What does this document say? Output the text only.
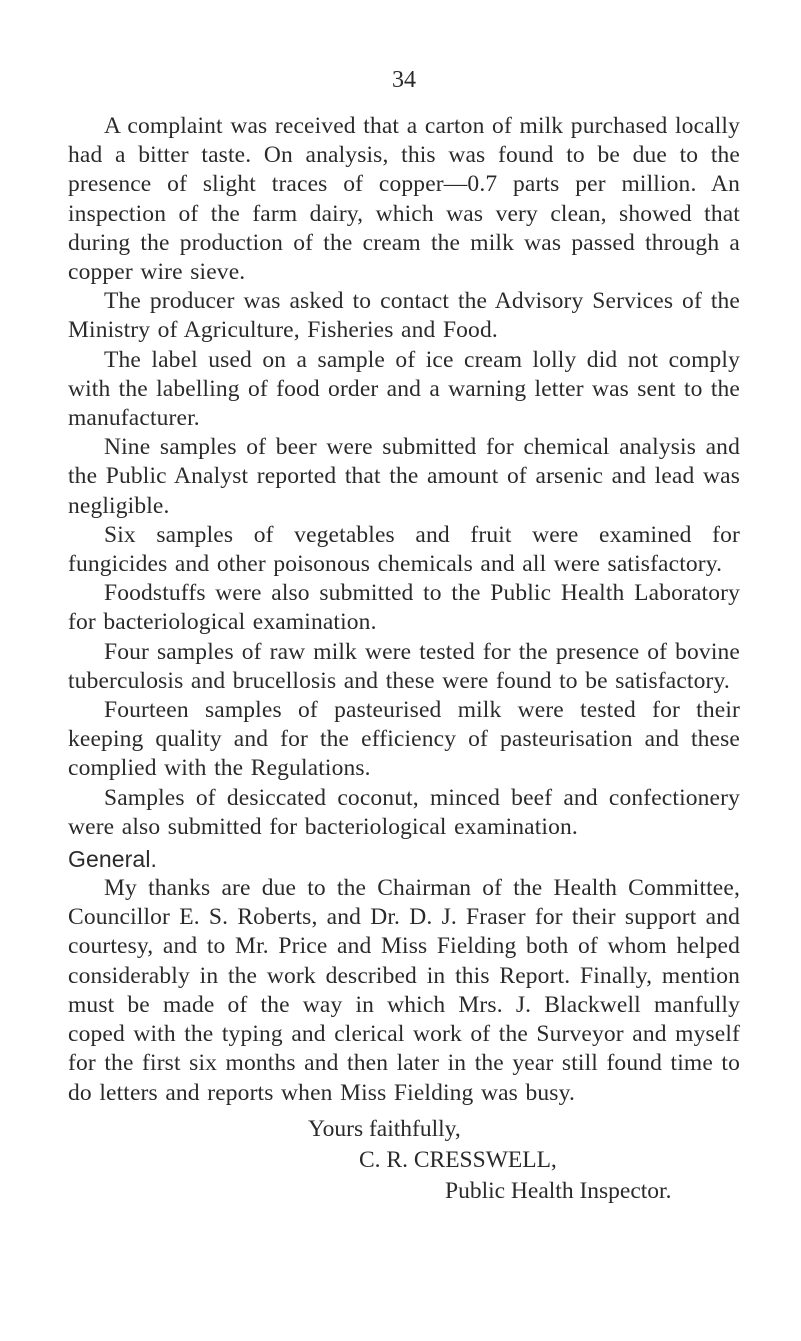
34

A complaint was received that a carton of milk purchased locally had a bitter taste. On analysis, this was found to be due to the presence of slight traces of copper—0.7 parts per million. An inspection of the farm dairy, which was very clean, showed that during the production of the cream the milk was passed through a copper wire sieve.

The producer was asked to contact the Advisory Services of the Ministry of Agriculture, Fisheries and Food.

The label used on a sample of ice cream lolly did not comply with the labelling of food order and a warning letter was sent to the manufacturer.

Nine samples of beer were submitted for chemical analysis and the Public Analyst reported that the amount of arsenic and lead was negligible.

Six samples of vegetables and fruit were examined for fungicides and other poisonous chemicals and all were satisfactory.

Foodstuffs were also submitted to the Public Health Laboratory for bacteriological examination.

Four samples of raw milk were tested for the presence of bovine tuberculosis and brucellosis and these were found to be satisfactory.

Fourteen samples of pasteurised milk were tested for their keeping quality and for the efficiency of pasteurisation and these complied with the Regulations.

Samples of desiccated coconut, minced beef and confectionery were also submitted for bacteriological examination.

General.

My thanks are due to the Chairman of the Health Committee, Councillor E. S. Roberts, and Dr. D. J. Fraser for their support and courtesy, and to Mr. Price and Miss Fielding both of whom helped considerably in the work described in this Report. Finally, mention must be made of the way in which Mrs. J. Blackwell manfully coped with the typing and clerical work of the Surveyor and myself for the first six months and then later in the year still found time to do letters and reports when Miss Fielding was busy.

Yours faithfully,
C. R. CRESSWELL,
Public Health Inspector.
